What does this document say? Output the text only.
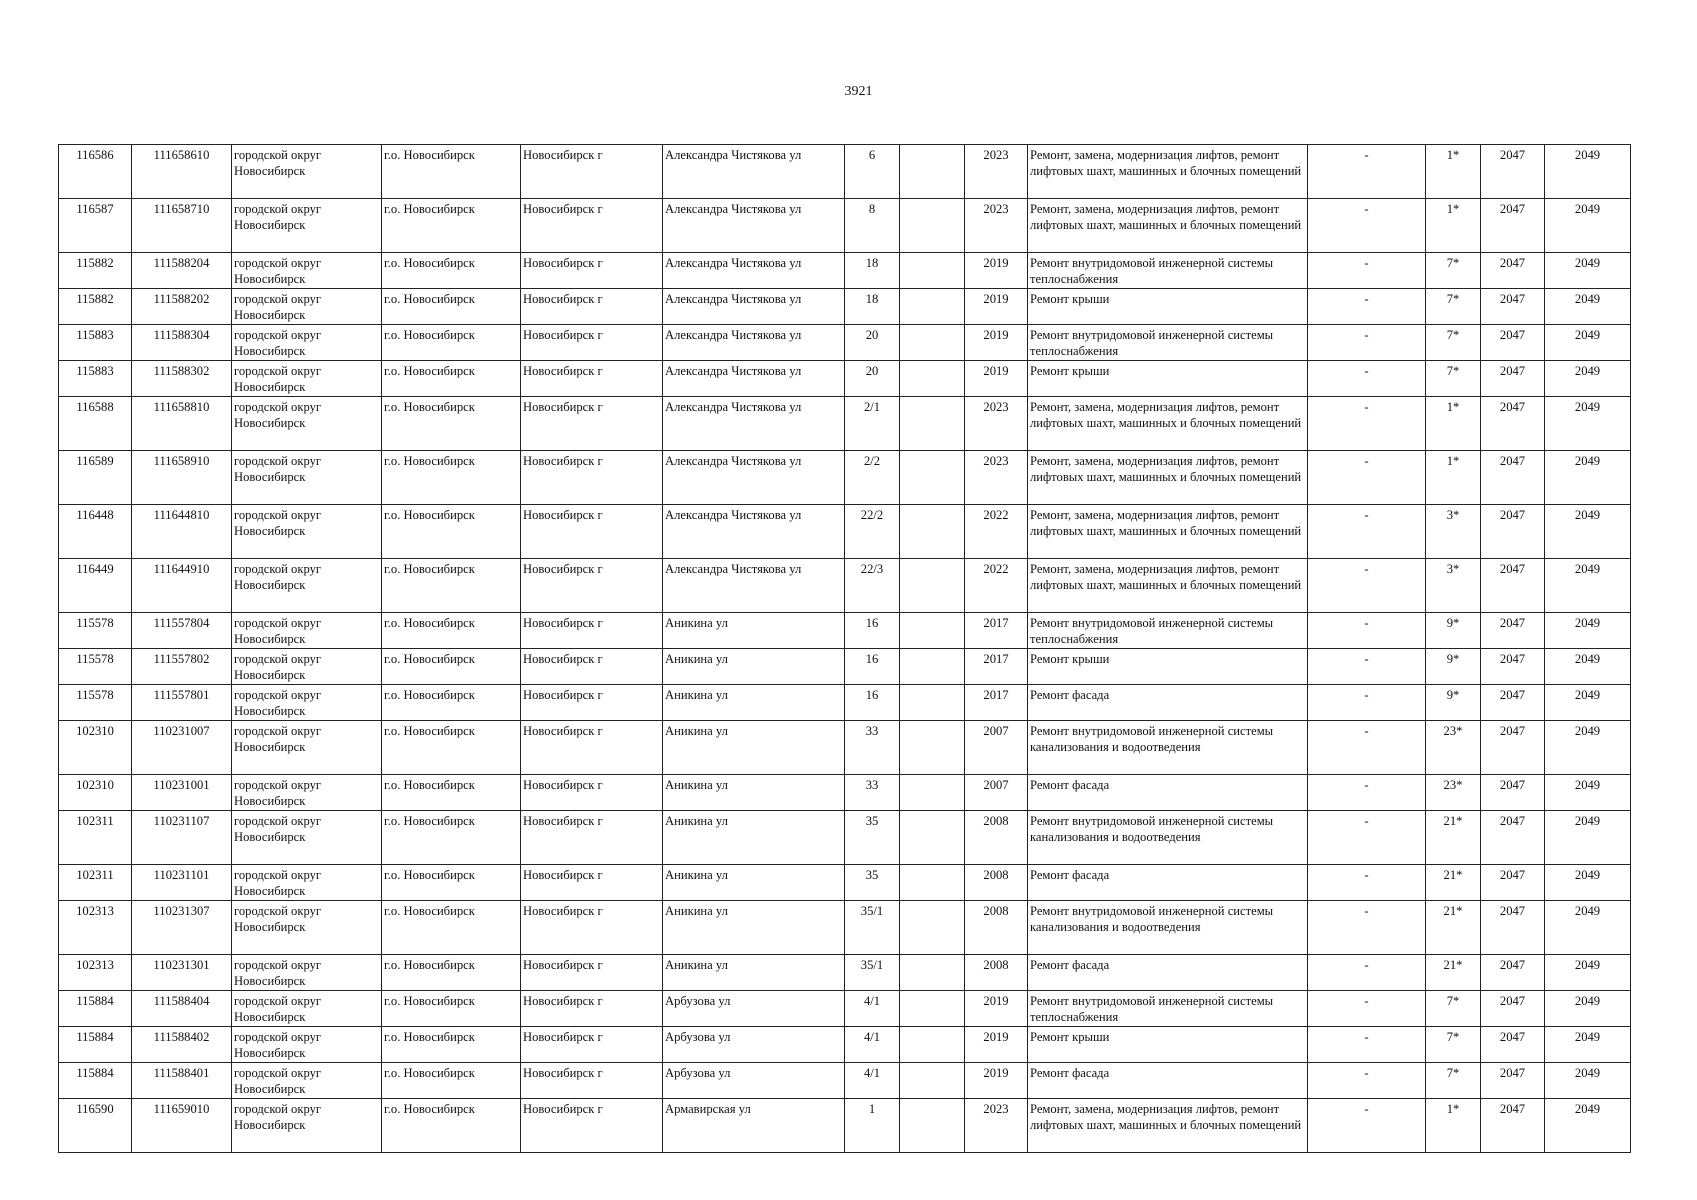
3921
116586	111658610	городской округ Новосибирск	г.о. Новосибирск	Новосибирск г	Александра Чистякова ул	6		2023	Ремонт, замена, модернизация лифтов, ремонт лифтовых шахт, машинных и блочных помещений	-	1*	2047	2049
116587	111658710	городской округ Новосибирск	г.о. Новосибирск	Новосибирск г	Александра Чистякова ул	8		2023	Ремонт, замена, модернизация лифтов, ремонт лифтовых шахт, машинных и блочных помещений	-	1*	2047	2049
115882	111588204	городской округ Новосибирск	г.о. Новосибирск	Новосибирск г	Александра Чистякова ул	18		2019	Ремонт внутридомовой инженерной системы теплоснабжения	-	7*	2047	2049
115882	111588202	городской округ Новосибирск	г.о. Новосибирск	Новосибирск г	Александра Чистякова ул	18		2019	Ремонт крыши	-	7*	2047	2049
115883	111588304	городской округ Новосибирск	г.о. Новосибирск	Новосибирск г	Александра Чистякова ул	20		2019	Ремонт внутридомовой инженерной системы теплоснабжения	-	7*	2047	2049
115883	111588302	городской округ Новосибирск	г.о. Новосибирск	Новосибирск г	Александра Чистякова ул	20		2019	Ремонт крыши	-	7*	2047	2049
116588	111658810	городской округ Новосибирск	г.о. Новосибирск	Новосибирск г	Александра Чистякова ул	2/1		2023	Ремонт, замена, модернизация лифтов, ремонт лифтовых шахт, машинных и блочных помещений	-	1*	2047	2049
116589	111658910	городской округ Новосибирск	г.о. Новосибирск	Новосибирск г	Александра Чистякова ул	2/2		2023	Ремонт, замена, модернизация лифтов, ремонт лифтовых шахт, машинных и блочных помещений	-	1*	2047	2049
116448	111644810	городской округ Новосибирск	г.о. Новосибирск	Новосибирск г	Александра Чистякова ул	22/2		2022	Ремонт, замена, модернизация лифтов, ремонт лифтовых шахт, машинных и блочных помещений	-	3*	2047	2049
116449	111644910	городской округ Новосибирск	г.о. Новосибирск	Новосибирск г	Александра Чистякова ул	22/3		2022	Ремонт, замена, модернизация лифтов, ремонт лифтовых шахт, машинных и блочных помещений	-	3*	2047	2049
115578	111557804	городской округ Новосибирск	г.о. Новосибирск	Новосибирск г	Аникина ул	16		2017	Ремонт внутридомовой инженерной системы теплоснабжения	-	9*	2047	2049
115578	111557802	городской округ Новосибирск	г.о. Новосибирск	Новосибирск г	Аникина ул	16		2017	Ремонт крыши	-	9*	2047	2049
115578	111557801	городской округ Новосибирск	г.о. Новосибирск	Новосибирск г	Аникина ул	16		2017	Ремонт фасада	-	9*	2047	2049
102310	110231007	городской округ Новосибирск	г.о. Новосибирск	Новосибирск г	Аникина ул	33		2007	Ремонт внутридомовой инженерной системы канализования и водоотведения	-	23*	2047	2049
102310	110231001	городской округ Новосибирск	г.о. Новосибирск	Новосибирск г	Аникина ул	33		2007	Ремонт фасада	-	23*	2047	2049
102311	110231107	городской округ Новосибирск	г.о. Новосибирск	Новосибирск г	Аникина ул	35		2008	Ремонт внутридомовой инженерной системы канализования и водоотведения	-	21*	2047	2049
102311	110231101	городской округ Новосибирск	г.о. Новосибирск	Новосибирск г	Аникина ул	35		2008	Ремонт фасада	-	21*	2047	2049
102313	110231307	городской округ Новосибирск	г.о. Новосибирск	Новосибирск г	Аникина ул	35/1		2008	Ремонт внутридомовой инженерной системы канализования и водоотведения	-	21*	2047	2049
102313	110231301	городской округ Новосибирск	г.о. Новосибирск	Новосибирск г	Аникина ул	35/1		2008	Ремонт фасада	-	21*	2047	2049
115884	111588404	городской округ Новосибирск	г.о. Новосибирск	Новосибирск г	Арбузова ул	4/1		2019	Ремонт внутридомовой инженерной системы теплоснабжения	-	7*	2047	2049
115884	111588402	городской округ Новосибирск	г.о. Новосибирск	Новосибирск г	Арбузова ул	4/1		2019	Ремонт крыши	-	7*	2047	2049
115884	111588401	городской округ Новосибирск	г.о. Новосибирск	Новосибирск г	Арбузова ул	4/1		2019	Ремонт фасада	-	7*	2047	2049
116590	111659010	городской округ Новосибирск	г.о. Новосибирск	Новосибирск г	Армавирская ул	1		2023	Ремонт, замена, модернизация лифтов, ремонт лифтовых шахт, машинных и блочных помещений	-	1*	2047	2049
